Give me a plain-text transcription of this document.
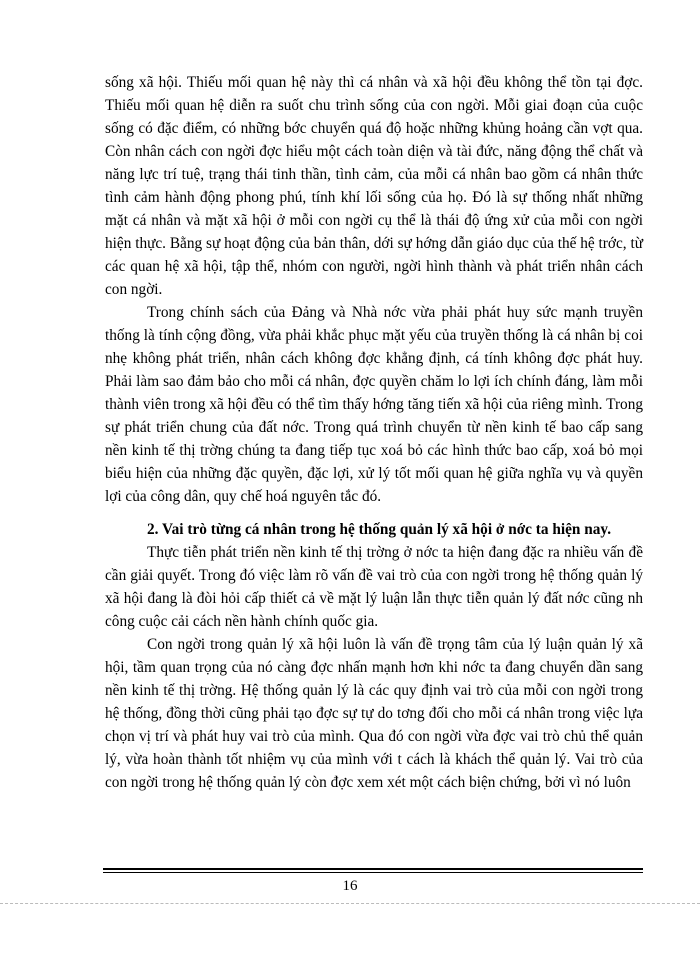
sống xã hội. Thiếu mối quan hệ này thì cá nhân và xã hội đều không thể tồn tại đợc. Thiếu mối quan hệ diễn ra suốt chu trình sống của con ngời. Mỗi giai đoạn của cuộc sống có đặc điểm, có những bớc chuyển quá độ hoặc những khủng hoảng cần vợt qua. Còn nhân cách con ngời đợc hiểu một cách toàn diện và tài đức, năng động thể chất và năng lực trí tuệ, trạng thái tinh thần, tình cảm, của mỗi cá nhân bao gồm cá nhân thức tình cảm hành động phong phú, tính khí lối sống của họ. Đó là sự thống nhất những mặt cá nhân và mặt xã hội ở mỗi con ngời cụ thể là thái độ ứng xử của mỗi con ngời hiện thực. Bằng sự hoạt động của bản thân, dới sự hớng dẫn giáo dục của thế hệ trớc, từ các quan hệ xã hội, tập thể, nhóm con người, ngời hình thành và phát triển nhân cách con ngời.

Trong chính sách của Đảng và Nhà nớc vừa phải phát huy sức mạnh truyền thống là tính cộng đồng, vừa phải khắc phục mặt yếu của truyền thống là cá nhân bị coi nhẹ không phát triển, nhân cách không đợc khẳng định, cá tính không đợc phát huy. Phải làm sao đảm bảo cho mỗi cá nhân, đợc quyền chăm lo lợi ích chính đáng, làm mỗi thành viên trong xã hội đều có thể tìm thấy hớng tăng tiến xã hội của riêng mình. Trong sự phát triển chung của đất nớc. Trong quá trình chuyển từ nền kinh tế bao cấp sang nền kinh tế thị trờng chúng ta đang tiếp tục xoá bỏ các hình thức bao cấp, xoá bỏ mọi biểu hiện của những đặc quyền, đặc lợi, xử lý tốt mối quan hệ giữa nghĩa vụ và quyền lợi của công dân, quy chế hoá nguyên tắc đó.

2. Vai trò từng cá nhân trong hệ thống quản lý xã hội ở nớc ta hiện nay.

Thực tiễn phát triển nền kinh tế thị trờng ở nớc ta hiện đang đặc ra nhiều vấn đề cần giải quyết. Trong đó việc làm rõ vấn đề vai trò của con ngời trong hệ thống quản lý xã hội đang là đòi hỏi cấp thiết cả về mặt lý luận lẫn thực tiễn quản lý đất nớc cũng nh công cuộc cải cách nền hành chính quốc gia.

Con ngời trong quản lý xã hội luôn là vấn đề trọng tâm của lý luận quản lý xã hội, tầm quan trọng của nó càng đợc nhấn mạnh hơn khi nớc ta đang chuyển dần sang nền kinh tế thị trờng. Hệ thống quản lý là các quy định vai trò của mỗi con ngời trong hệ thống, đồng thời cũng phải tạo đợc sự tự do tơng đối cho mỗi cá nhân trong việc lựa chọn vị trí và phát huy vai trò của mình. Qua đó con ngời vừa đợc vai trò chủ thể quản lý, vừa hoàn thành tốt nhiệm vụ của mình với t cách là khách thể quản lý. Vai trò của con ngời trong hệ thống quản lý còn đợc xem xét một cách biện chứng, bởi vì nó luôn

16
